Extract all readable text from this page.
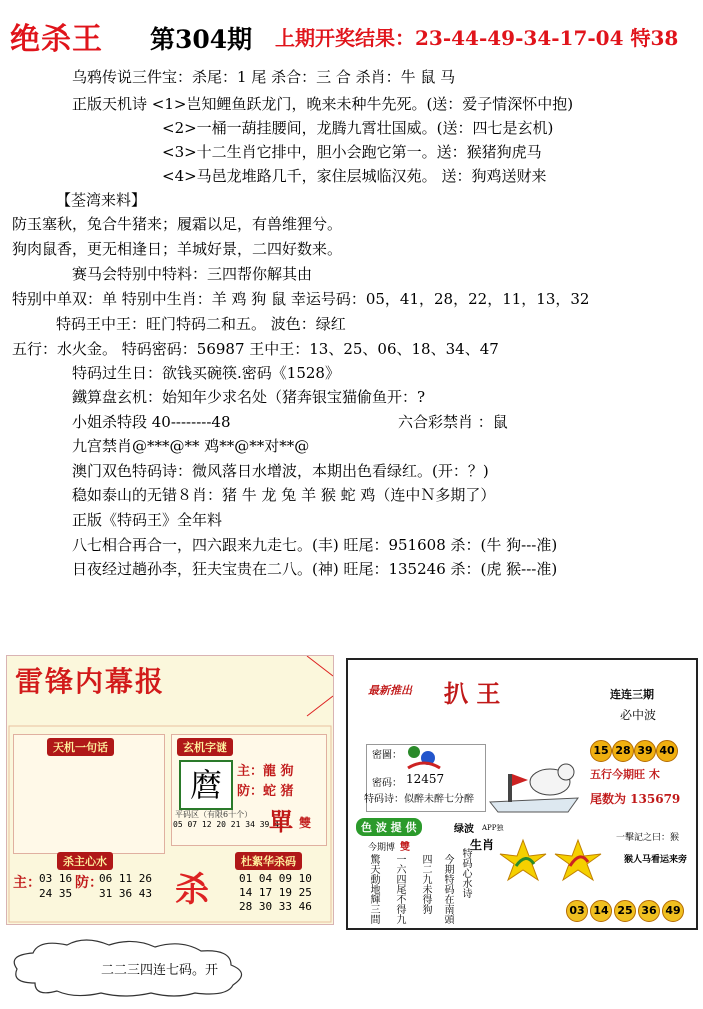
绝杀王 第304期 上期开奖结果：23-44-49-34-17-04 特38
乌鸦传说三件宝：杀尾：1 尾 杀合：三 合 杀肖：牛 鼠 马
正版天机诗 <1>岂知鲤鱼跃龙门，晚来未种牛先死。(送：爱子情深怀中抱)
<2>一桶一葫挂腰间，龙腾九霄壮国威。(送：四七是玄机)
<3>十二生肖它排中，胆小会跑它第一。送：猴猪狗虎马
<4>马邑龙堆路几千，家住层城临汉苑。 送：狗鸡送财来
【荃湾来料】
防玉塞秋，兔合牛猪来；履霜以足，有兽维狸兮。
狗肉鼠香，更无相逢日；羊城好景，二四好数来。
赛马会特别中特料：三四帮你解其由
特别中单双：单 特别中生肖：羊 鸡 狗 鼠 幸运号码：05，41，28，22，11，13，32
特码王中王：旺门特码二和五。 波色：绿红
五行：水火金。 特码密码：56987 王中王：13、25、06、18、34、47
特码过生日：欲钱买碗筷.密码《1528》
鐵算盘玄机：始知年少求名处（猪奔银宝猫偷鱼开：?
小姐杀特段 40--------48	六合彩禁肖 ：鼠
九宫禁肖@***@** 鸡**@**对**@
澳门双色特码诗：微风落日水增波，本期出色看绿红。(开：？)
稳如泰山的无错８肖：猪 牛 龙 兔 羊 猴 蛇 鸡（连中Ｎ多期了）
正版《特码王》全年料
八七相合再合一，四六跟来九走七。(丰) 旺尾：951608 杀：(牛 狗---准)
日夜经过趟孙李，狂夫宝贵在二八。(神) 旺尾：135246 杀：(虎 猴---准)
雷锋内幕报
天机一句话	玄机字谜
麿	主：龍 狗
防：蛇 猪
平码区（有限6十个）
05 07 12 20 21 34 39 41
單 雙
杀主心水
主：
03 16
24 35
防：
06 11 26
31 36 43
杜絮华杀码
杀	01 04 09 10
14 17 19 25
28 30 33 46
最新推出 扒 王	连连三期
必中波
15 28 39 40
密圖：
密码： 12457
特码诗： 似醉未醉七分醉
五行今期旺 木
尾数为 135679
色 波 提 供	绿波 APP独
今期博 雙
驚天動地輝三間 一六四尾不得九 四二九未得狗 今期特码在南頭 特码心水诗
生肖	一擊記之曰：猴
猴人马看运来旁
03 14 25 36 49
二二三四连七码。开
